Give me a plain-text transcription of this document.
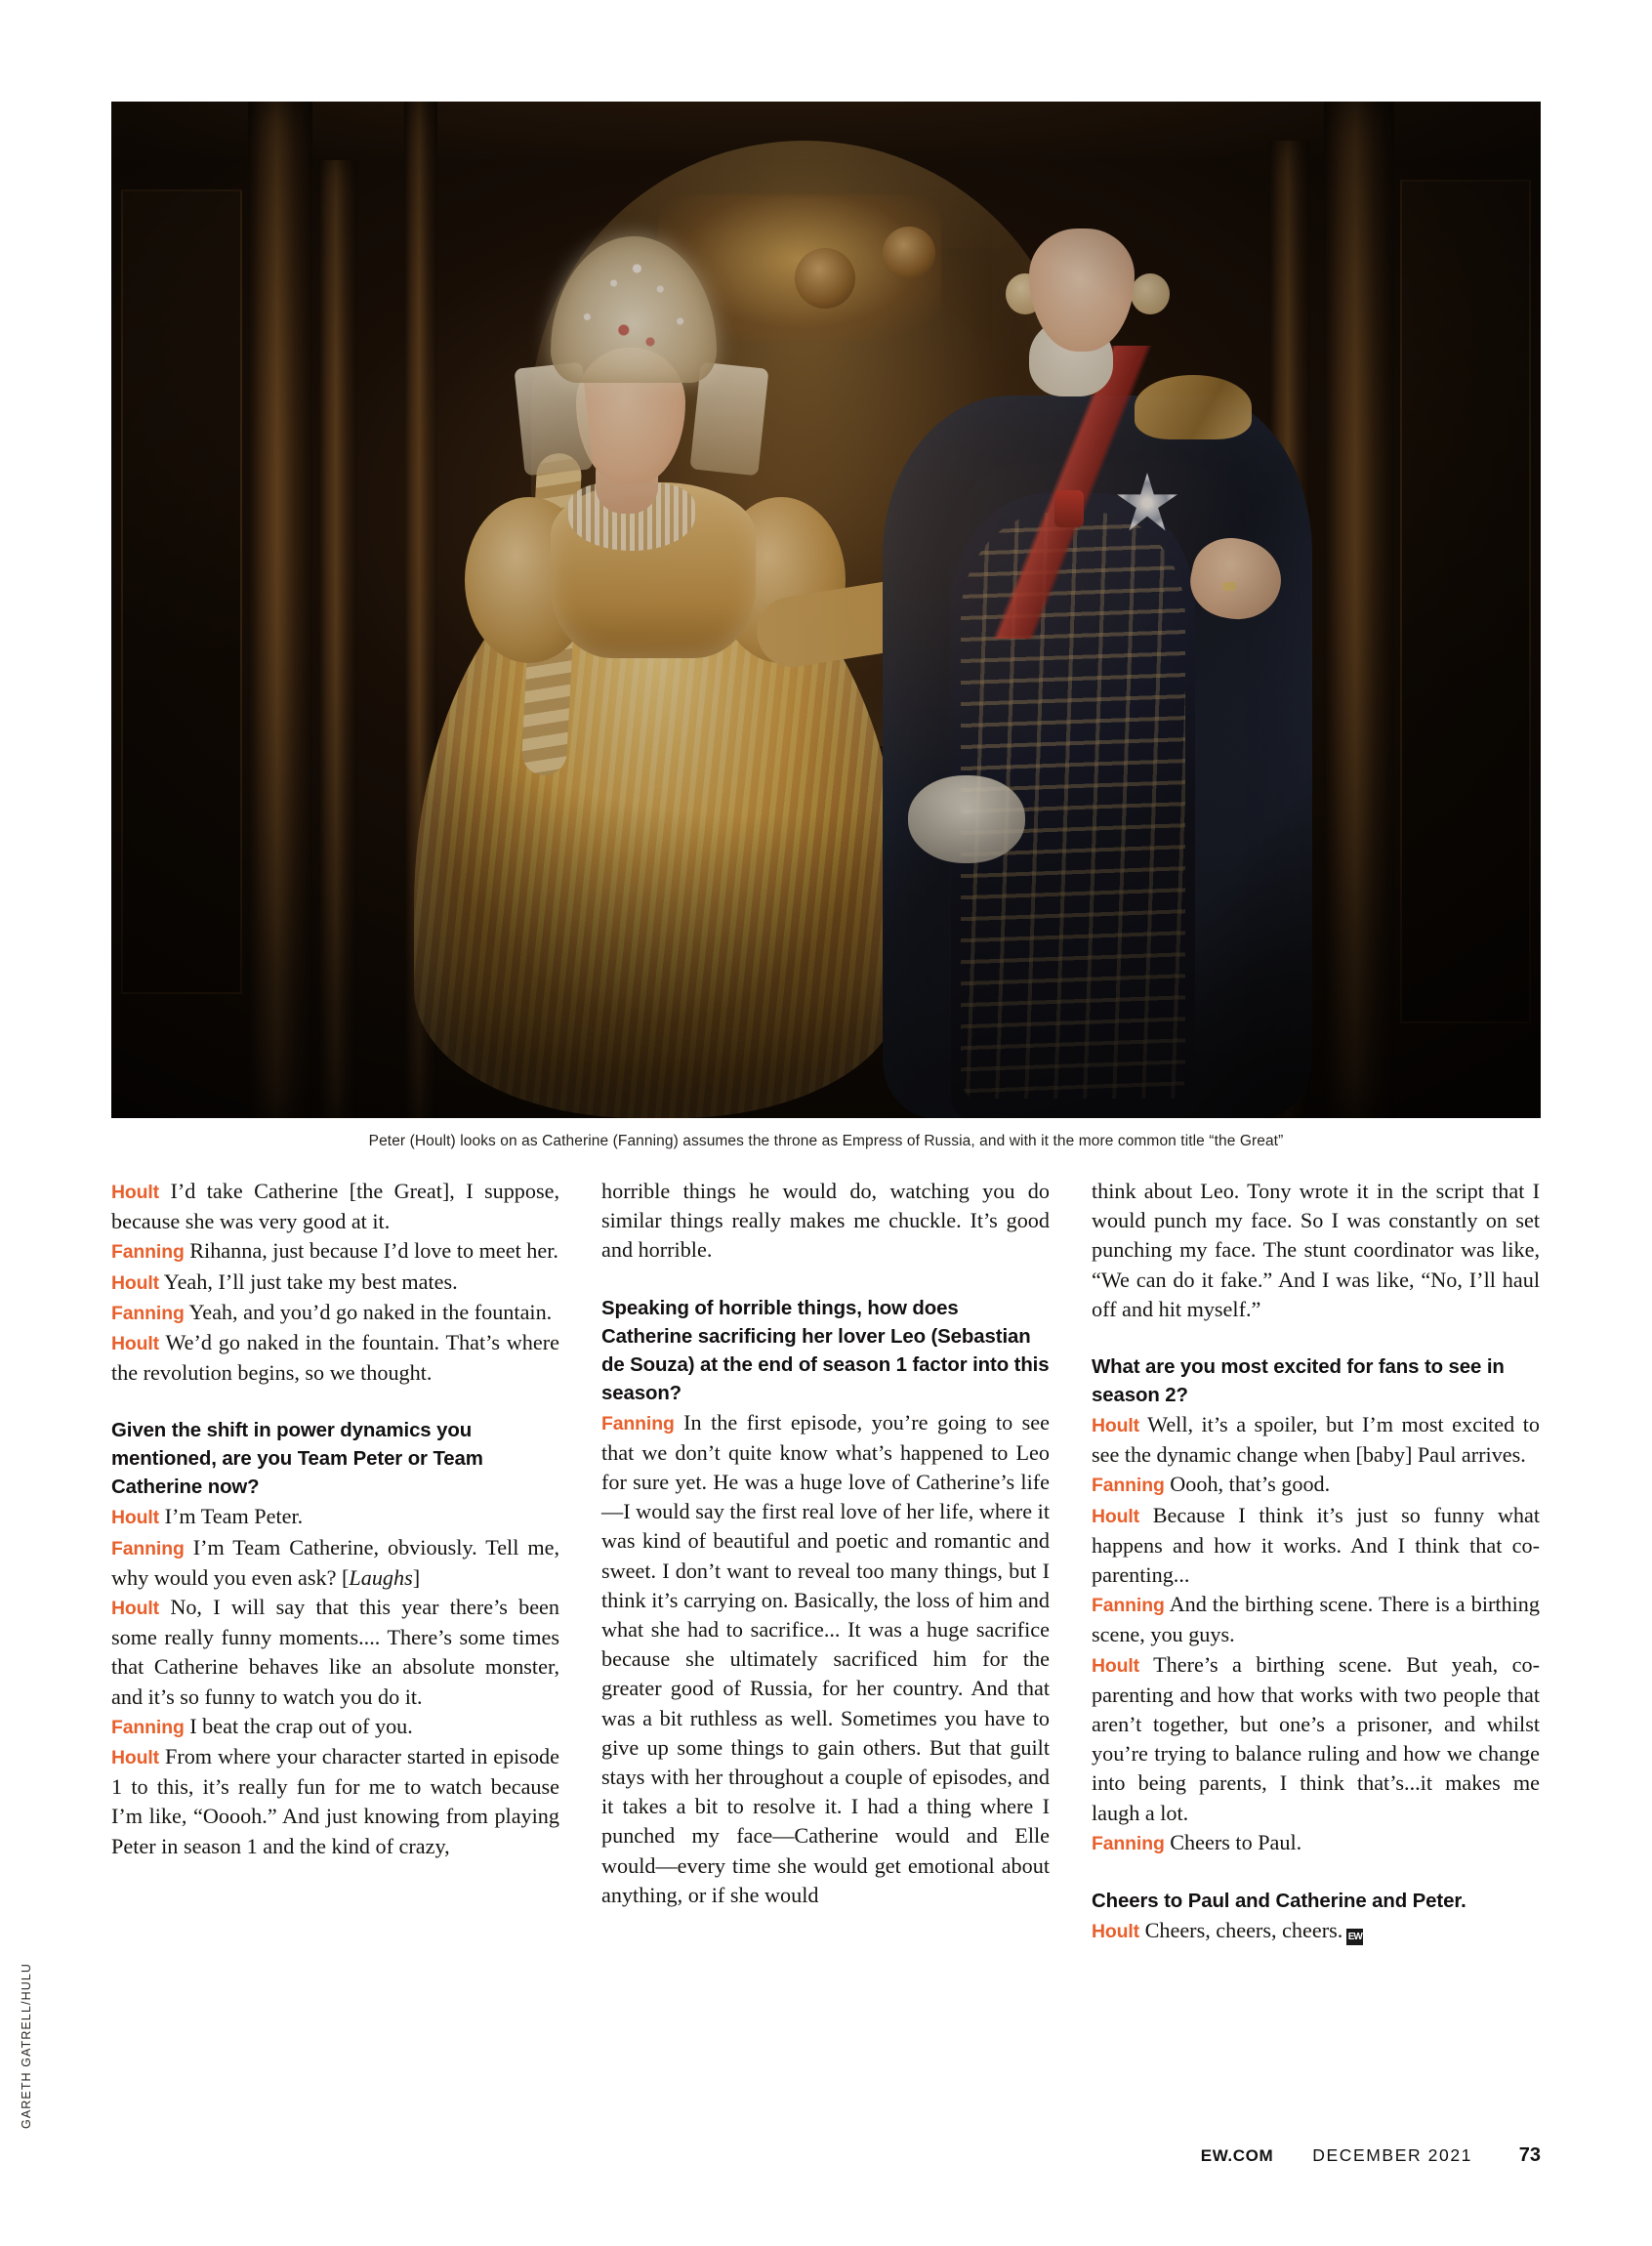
Peter (Hoult) looks on as Catherine (Fanning) assumes the throne as Empress of Russia, and with it the more common title “the Great”
GARETH GATRELL/HULU

Hoult I’d take Catherine [the Great], I suppose, because she was very good at it.

Fanning Rihanna, just because I’d love to meet her.

Hoult Yeah, I’ll just take my best mates.

Fanning Yeah, and you’d go naked in the fountain.

Hoult We’d go naked in the fountain. That’s where the revolution begins, so we thought.

Given the shift in power dynamics you mentioned, are you Team Peter or Team Catherine now?

Hoult I’m Team Peter.

Fanning I’m Team Catherine, obviously. Tell me, why would you even ask? [Laughs]

Hoult No, I will say that this year there’s been some really funny moments.... There’s some times that Catherine behaves like an absolute monster, and it’s so funny to watch you do it.

Fanning I beat the crap out of you.

Hoult From where your character started in episode 1 to this, it’s really fun for me to watch because I’m like, “Ooooh.” And just knowing from playing Peter in season 1 and the kind of crazy,

horrible things he would do, watching you do similar things really makes me chuckle. It’s good and horrible.

Speaking of horrible things, how does Catherine sacrificing her lover Leo (Sebastian de Souza) at the end of season 1 factor into this season?

Fanning In the first episode, you’re going to see that we don’t quite know what’s happened to Leo for sure yet. He was a huge love of Catherine’s life—I would say the first real love of her life, where it was kind of beautiful and poetic and romantic and sweet. I don’t want to reveal too many things, but I think it’s carrying on. Basically, the loss of him and what she had to sacrifice... It was a huge sacrifice because she ultimately sacrificed him for the greater good of Russia, for her country. And that was a bit ruthless as well. Sometimes you have to give up some things to gain others. But that guilt stays with her throughout a couple of episodes, and it takes a bit to resolve it. I had a thing where I punched my face—Catherine would and Elle would—every time she would get emotional about anything, or if she would

think about Leo. Tony wrote it in the script that I would punch my face. So I was constantly on set punching my face. The stunt coordinator was like, “We can do it fake.” And I was like, “No, I’ll haul off and hit myself.”

What are you most excited for fans to see in season 2?

Hoult Well, it’s a spoiler, but I’m most excited to see the dynamic change when [baby] Paul arrives.

Fanning Oooh, that’s good.

Hoult Because I think it’s just so funny what happens and how it works. And I think that co-parenting...

Fanning And the birthing scene. There is a birthing scene, you guys.

Hoult There’s a birthing scene. But yeah, co-parenting and how that works with two people that aren’t together, but one’s a prisoner, and whilst you’re trying to balance ruling and how we change into being parents, I think that’s...it makes me laugh a lot.

Fanning Cheers to Paul.

Cheers to Paul and Catherine and Peter.

Hoult Cheers, cheers, cheers. EW

EW.COM DECEMBER 2021	73
